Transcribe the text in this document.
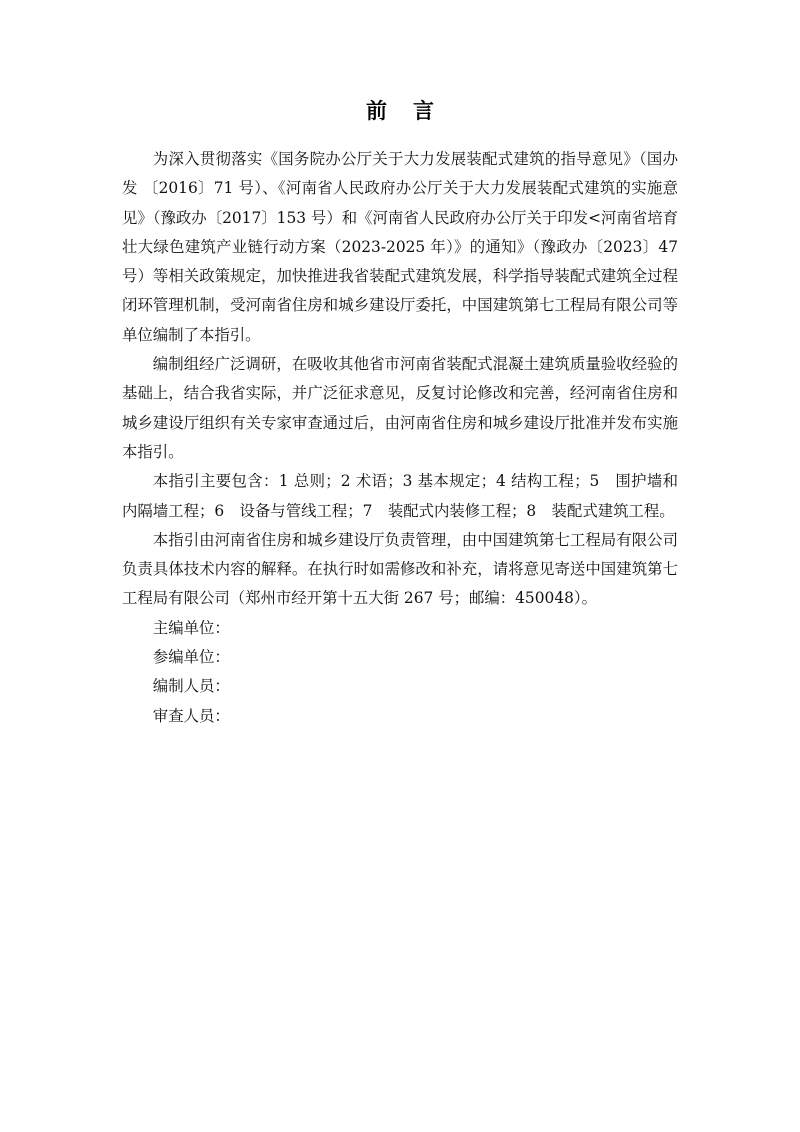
前言

为深入贯彻落实《国务院办公厅关于大力发展装配式建筑的指导意见》（国办发 〔2016〕71 号）、《河南省人民政府办公厅关于大力发展装配式建筑的实施意见》（豫政办〔2017〕153 号）和《河南省人民政府办公厅关于印发<河南省培育壮大绿色建筑产业链行动方案（2023-2025 年）》的通知》（豫政办〔2023〕47 号）等相关政策规定，加快推进我省装配式建筑发展，科学指导装配式建筑全过程闭环管理机制，受河南省住房和城乡建设厅委托，中国建筑第七工程局有限公司等单位编制了本指引。

编制组经广泛调研，在吸收其他省市河南省装配式混凝土建筑质量验收经验的基础上，结合我省实际，并广泛征求意见，反复讨论修改和完善，经河南省住房和城乡建设厅组织有关专家审查通过后，由河南省住房和城乡建设厅批准并发布实施本指引。

本指引主要包含：1 总则；2 术语；3 基本规定；4 结构工程；5　围护墙和内隔墙工程；6　设备与管线工程；7　装配式内装修工程；8　装配式建筑工程。

本指引由河南省住房和城乡建设厅负责管理，由中国建筑第七工程局有限公司负责具体技术内容的解释。在执行时如需修改和补充，请将意见寄送中国建筑第七工程局有限公司（郑州市经开第十五大街 267 号；邮编：450048）。

主编单位：

参编单位：

编制人员：

审查人员：
